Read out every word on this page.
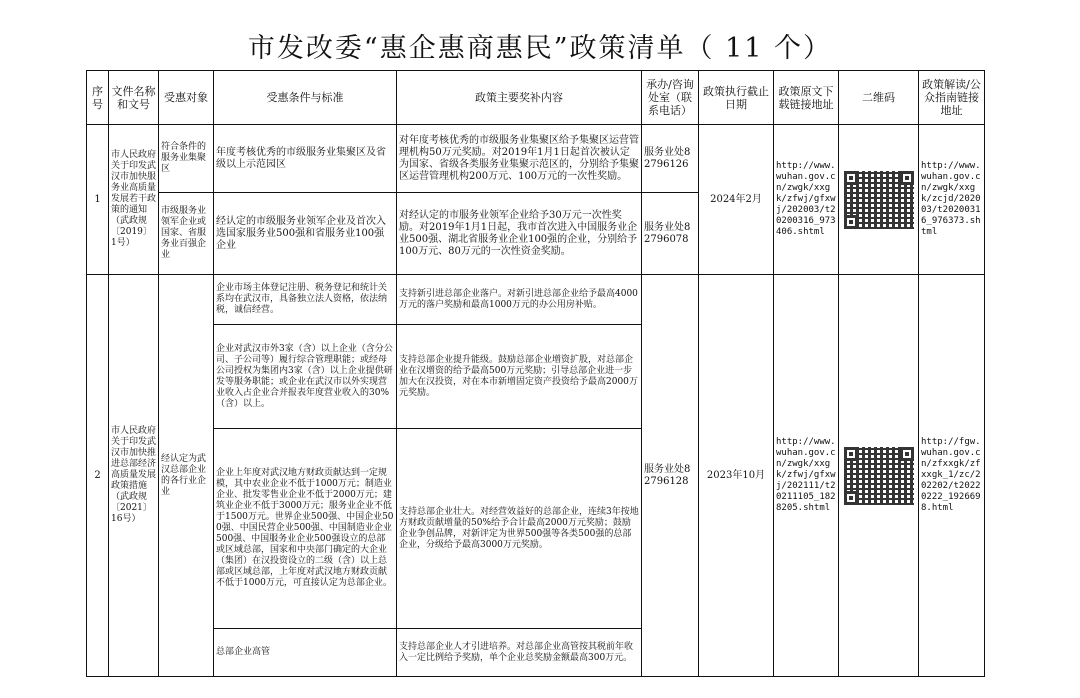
市发改委“惠企惠商惠民”政策清单（ 11 个）
序号	文件名称和文号	受惠对象	受惠条件与标准	政策主要奖补内容	承办/咨询处室（联系电话）	政策执行截止日期	政策原文下载链接地址	二维码	政策解读/公众指南链接地址
1	市人民政府关于印发武汉市加快服务业高质量发展若干政策的通知（武政规〔2019〕1号）	符合条件的服务业集聚区	年度考核优秀的市级服务业集聚区及省级以上示范园区	对年度考核优秀的市级服务业集聚区给予集聚区运营管理机构50万元奖励。对2019年1月1日起首次被认定为国家、省级各类服务业集聚示范区的，分别给予集聚区运营管理机构200万元、100万元的一次性奖励。	服务业处82796126	2024年2月	http://www.wuhan.gov.cn/zwgk/xxgk/zfwj/gfxwj/202003/t20200316_973406.shtml		http://www.wuhan.gov.cn/zwgk/xxgk/zcjd/202003/t20200316_976373.shtml
		市级服务业领军企业或国家、省服务业百强企业	经认定的市级服务业领军企业及首次入选国家服务业500强和省服务业100强企业	对经认定的市服务业领军企业给予30万元一次性奖励。对2019年1月1日起，我市首次进入中国服务业企业500强、湖北省服务业企业100强的企业，分别给予100万元、80万元的一次性资金奖励。	服务业处82796078				
2	市人民政府关于印发武汉市加快推进总部经济高质量发展政策措施（武政规〔2021〕16号）	经认定为武汉总部企业的各行业企业	企业市场主体登记注册、税务登记和统计关系均在武汉市，具备独立法人资格，依法纳税，诚信经营。	支持新引进总部企业落户。对新引进总部企业给予最高4000万元的落户奖励和最高1000万元的办公用房补贴。	服务业处82796128	2023年10月	http://www.wuhan.gov.cn/zwgk/xxgk/zfwj/gfxwj/202111/t20211105_1828205.shtml		http://fgw.wuhan.gov.cn/zfxxgk/zfxxgk_1/zc/202202/t20220222_1926698.html
			企业对武汉市外3家（含）以上企业（含分公司、子公司等）履行综合管理职能；或经母公司授权为集团内3家（含）以上企业提供研发等服务职能；或企业在武汉市以外实现营业收入占企业合并报表年度营业收入的30%（含）以上。	支持总部企业提升能级。鼓励总部企业增资扩股，对总部企业在汉增资的给予最高500万元奖励；引导总部企业进一步加大在汉投资，对在本市新增固定资产投资给予最高2000万元奖励。					
			企业上年度对武汉地方财政贡献达到一定规模，其中农业企业不低于1000万元；制造业企业、批发零售业企业不低于2000万元；建筑业企业不低于3000万元；服务业企业不低于1500万元。世界企业500强、中国企业500强、中国民营企业500强、中国制造业企业500强、中国服务业企业500强设立的总部或区域总部，国家和中央部门确定的大企业（集团）在汉投资设立的二级（含）以上总部或区域总部，上年度对武汉地方财政贡献不低于1000万元，可直接认定为总部企业。	支持总部企业壮大。对经营效益好的总部企业，连续3年按地方财政贡献增量的50%给予合计最高2000万元奖励；鼓励企业争创品牌，对新评定为世界500强等各类500强的总部企业，分级给予最高3000万元奖励。					
			总部企业高管	支持总部企业人才引进培养。对总部企业高管按其税前年收入一定比例给予奖励，单个企业总奖励金额最高300万元。					
